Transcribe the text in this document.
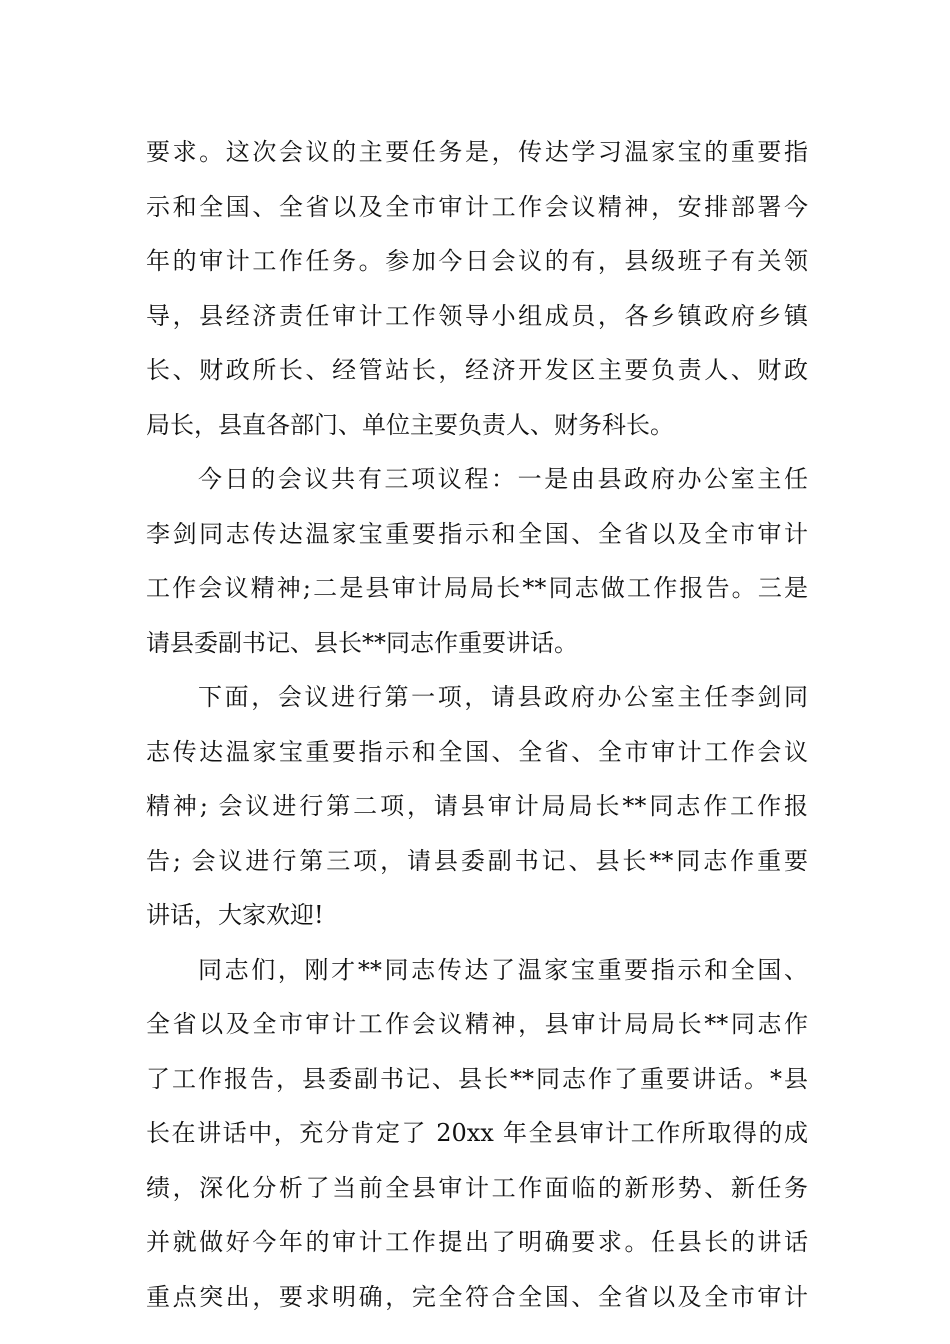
要求。这次会议的主要任务是，传达学习温家宝的重要指
示和全国、全省以及全市审计工作会议精神，安排部署今
年的审计工作任务。参加今日会议的有，县级班子有关领
导，县经济责任审计工作领导小组成员，各乡镇政府乡镇
长、财政所长、经管站长，经济开发区主要负责人、财政
局长，县直各部门、单位主要负责人、财务科长。
今日的会议共有三项议程：一是由县政府办公室主任
李剑同志传达温家宝重要指示和全国、全省以及全市审计
工作会议精神;二是县审计局局长**同志做工作报告。三是
请县委副书记、县长**同志作重要讲话。
下面，会议进行第一项，请县政府办公室主任李剑同
志传达温家宝重要指示和全国、全省、全市审计工作会议
精神; 会议进行第二项，请县审计局局长**同志作工作报
告; 会议进行第三项，请县委副书记、县长**同志作重要
讲话，大家欢迎!
同志们，刚才**同志传达了温家宝重要指示和全国、
全省以及全市审计工作会议精神，县审计局局长**同志作
了工作报告，县委副书记、县长**同志作了重要讲话。*县
长在讲话中，充分肯定了 20xx 年全县审计工作所取得的成
绩，深化分析了当前全县审计工作面临的新形势、新任务
并就做好今年的审计工作提出了明确要求。任县长的讲话
重点突出，要求明确，完全符合全国、全省以及全市审计
